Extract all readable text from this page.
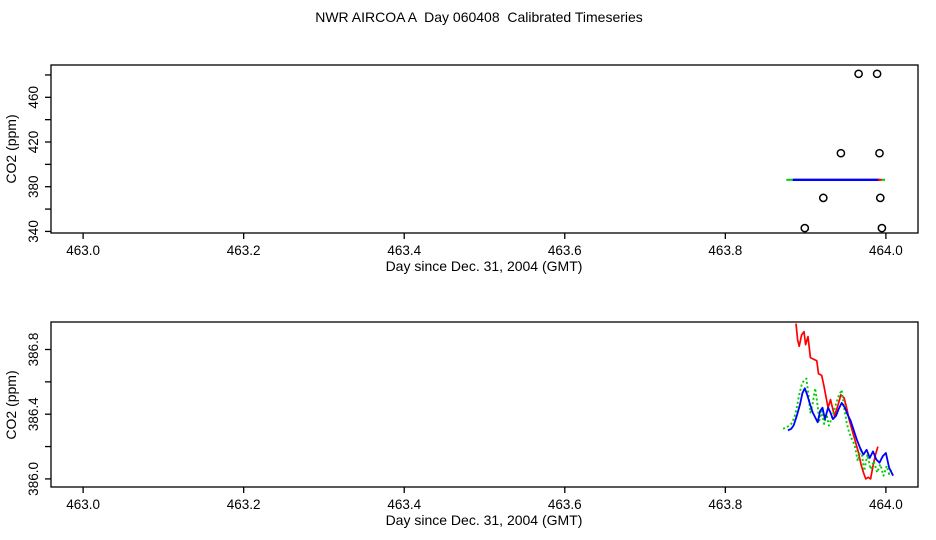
NWR AIRCOA A  Day 060408  Calibrated Timeseries
463.0	463.2	463.4	463.6	463.8	464.0
340
380
420
460
463.0	463.2	463.4	463.6	463.8	464.0
386.0
386.4
386.8
Day since Dec. 31, 2004 (GMT)
CO2 (ppm)
Day since Dec. 31, 2004 (GMT)
CO2 (ppm)
